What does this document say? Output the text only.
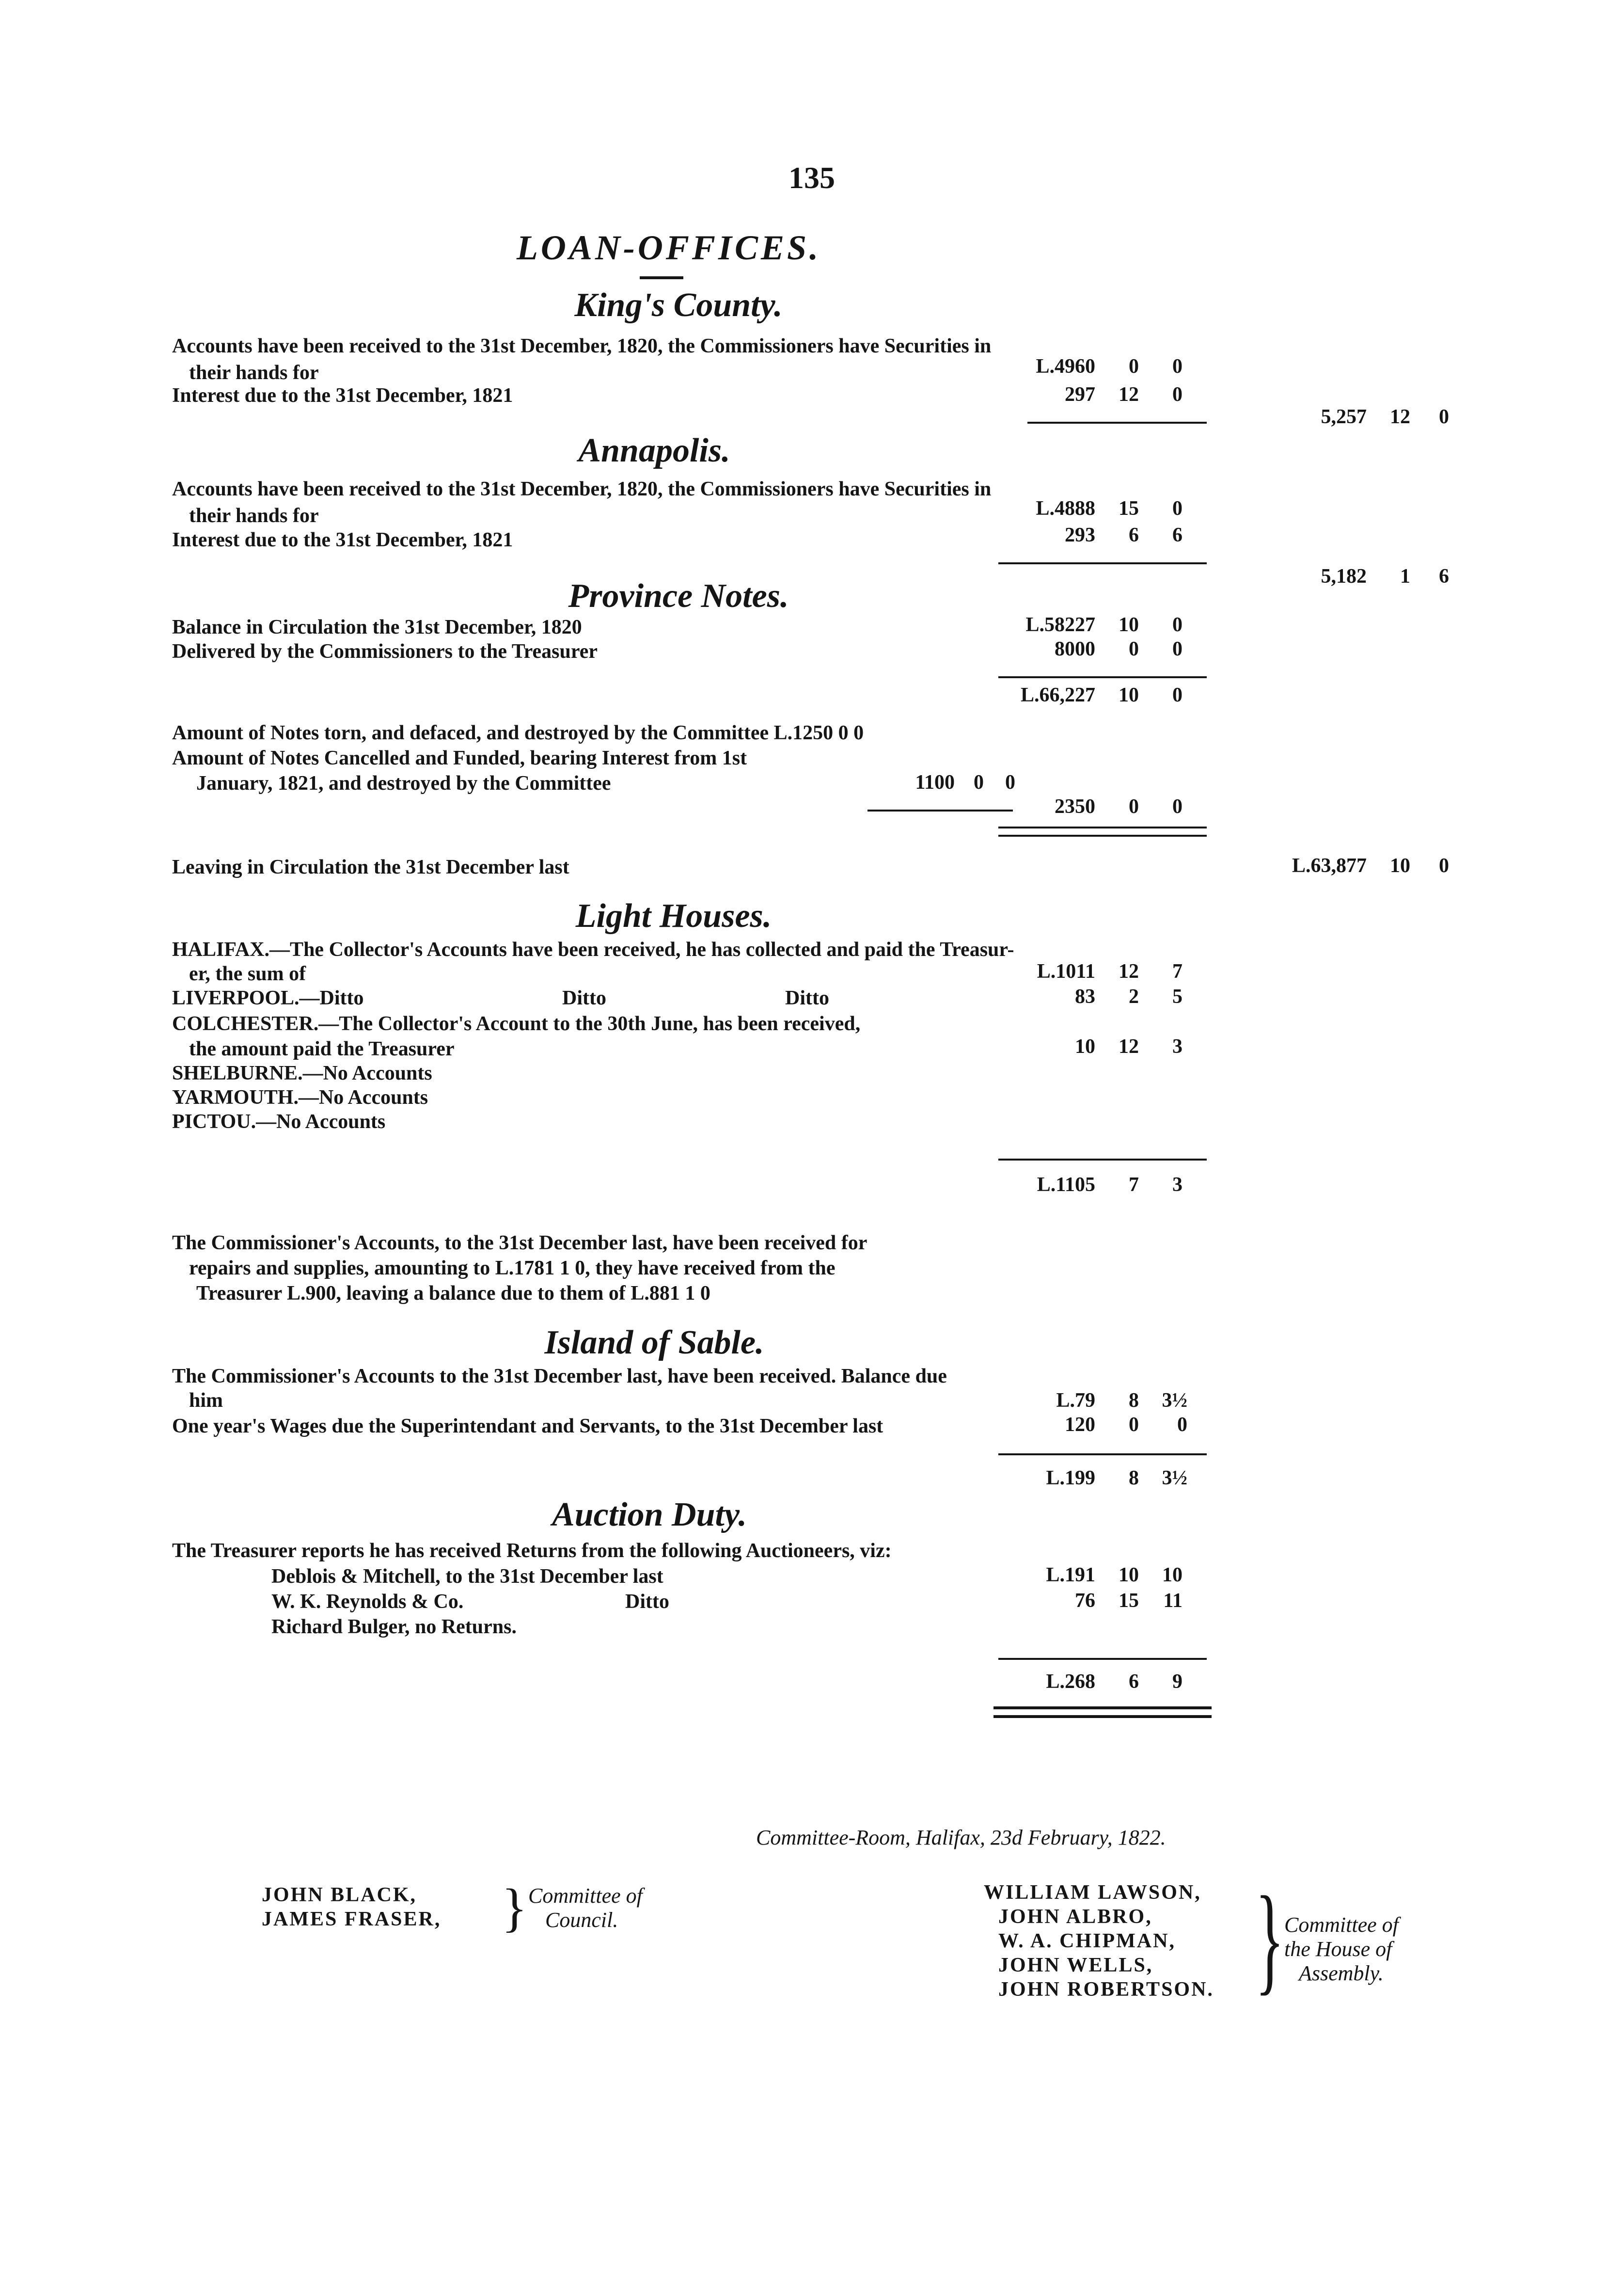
135
LOAN-OFFICES.
King's County.
Accounts have been received to the 31st December, 1820, the Commissioners have Securities in
their hands for	L.4960	0	0
Interest due to the 31st December, 1821	297	12	0
5,257	12	0
Annapolis.
Accounts have been received to the 31st December, 1820, the Commissioners have Securities in
their hands for	L.4888	15	0
Interest due to the 31st December, 1821	293	6	6
5,182	1	6
Province Notes.
Balance in Circulation the 31st December, 1820	L.58227	10	0
Delivered by the Commissioners to the Treasurer	8000	0	0
L.66,227	10	0
Amount of Notes torn, and defaced, and destroyed by the Committee L.1250 0 0
Amount of Notes Cancelled and Funded, bearing Interest from 1st
January, 1821, and destroyed by the Committee	1100 0	0
2350	0	0
Leaving in Circulation the 31st December last	L.63,877	10	0
Light Houses.
HALIFAX.—The Collector's Accounts have been received, he has collected and paid the Treasur-
er, the sum of	L.1011	12	7
LIVERPOOL.—Ditto	Ditto	Ditto	83	2	5
COLCHESTER.—The Collector's Account to the 30th June, has been received,
the amount paid the Treasurer	10	12	3
SHELBURNE.—No Accounts
YARMOUTH.—No Accounts
PICTOU.—No Accounts
L.1105	7	3
The Commissioner's Accounts, to the 31st December last, have been received for
repairs and supplies, amounting to L.1781 1 0, they have received from the
Treasurer L.900, leaving a balance due to them of L.881 1 0
Island of Sable.
The Commissioner's Accounts to the 31st December last, have been received. Balance due
him	L.79	8	3½
One year's Wages due the Superintendant and Servants, to the 31st December last	120	0	0
L.199	8	3½
Auction Duty.
The Treasurer reports he has received Returns from the following Auctioneers, viz:
Deblois & Mitchell, to the 31st December last	L.191	10	10
W. K. Reynolds & Co.	Ditto	76	15	11
Richard Bulger, no Returns.
L.268	6	9
Committee-Room, Halifax, 23d February, 1822.
JOHN BLACK,
JAMES FRASER, } Committee of
Council.
WILLIAM LAWSON,
JOHN ALBRO,
W. A. CHIPMAN,
JOHN WELLS,
JOHN ROBERTSON. } Committee of
the House of
Assembly.
